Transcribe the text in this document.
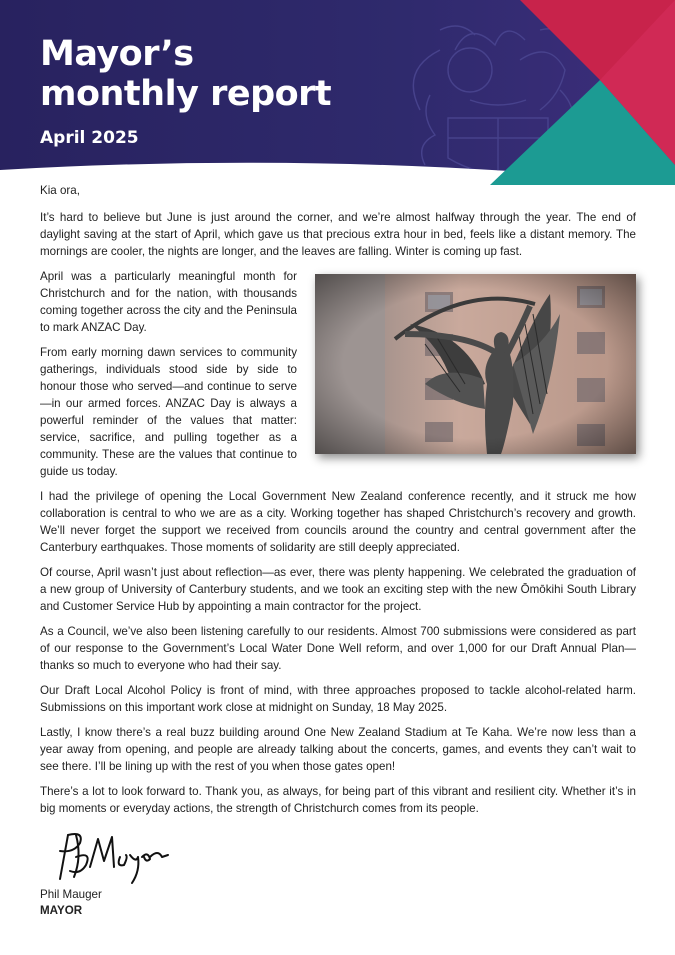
Mayor’s
monthly report
April 2025

Kia ora,

It’s hard to believe but June is just around the corner, and we’re almost halfway through the year. The end of daylight saving at the start of April, which gave us that precious extra hour in bed, feels like a distant memory. The mornings are cooler, the nights are longer, and the leaves are falling. Winter is coming up fast.

April was a particularly meaningful month for Christchurch and for the nation, with thousands coming together across the city and the Peninsula to mark ANZAC Day.

From early morning dawn services to community gatherings, individuals stood side by side to honour those who served—and continue to serve—in our armed forces. ANZAC Day is always a powerful reminder of the values that matter: service, sacrifice, and pulling together as a community. These are the values that continue to guide us today.

I had the privilege of opening the Local Government New Zealand conference recently, and it struck me how collaboration is central to who we are as a city. Working together has shaped Christchurch’s recovery and growth. We’ll never forget the support we received from councils around the country and central government after the Canterbury earthquakes. Those moments of solidarity are still deeply appreciated.

Of course, April wasn’t just about reflection—as ever, there was plenty happening. We celebrated the graduation of a new group of University of Canterbury students, and we took an exciting step with the new Ōmōkihi South Library and Customer Service Hub by appointing a main contractor for the project.

As a Council, we’ve also been listening carefully to our residents. Almost 700 submissions were considered as part of our response to the Government’s Local Water Done Well reform, and over 1,000 for our Draft Annual Plan—thanks so much to everyone who had their say.

Our Draft Local Alcohol Policy is front of mind, with three approaches proposed to tackle alcohol-related harm. Submissions on this important work close at midnight on Sunday, 18 May 2025.

Lastly, I know there’s a real buzz building around One New Zealand Stadium at Te Kaha. We’re now less than a year away from opening, and people are already talking about the concerts, games, and events they can’t wait to see there. I’ll be lining up with the rest of you when those gates open!

There’s a lot to look forward to. Thank you, as always, for being part of this vibrant and resilient city. Whether it’s in big moments or everyday actions, the strength of Christchurch comes from its people.

Phil Mauger
MAYOR
